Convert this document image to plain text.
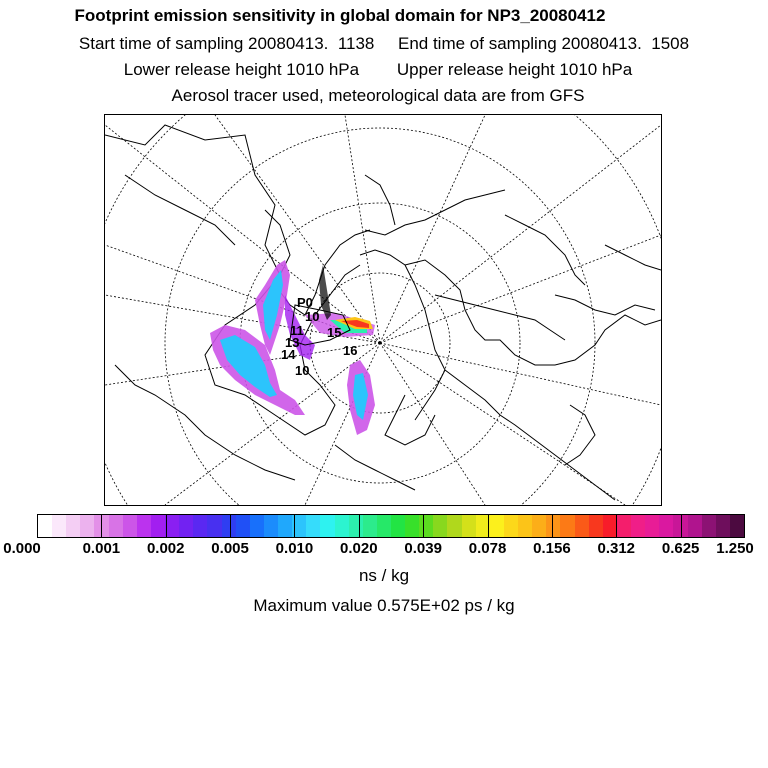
Footprint emission sensitivity in global domain for NP3_20080412
Start time of sampling 20080413.  1138     End time of sampling 20080413.  1508
Lower release height 1010 hPa        Upper release height 1010 hPa
Aerosol tracer used, meteorological data are from GFS
P0
10
11
13
14
15
16
10
0.000	0.001 0.002 0.005 0.010 0.020 0.039 0.078 0.156 0.312 0.625 1.250
ns / kg
Maximum value 0.575E+02 ps / kg
